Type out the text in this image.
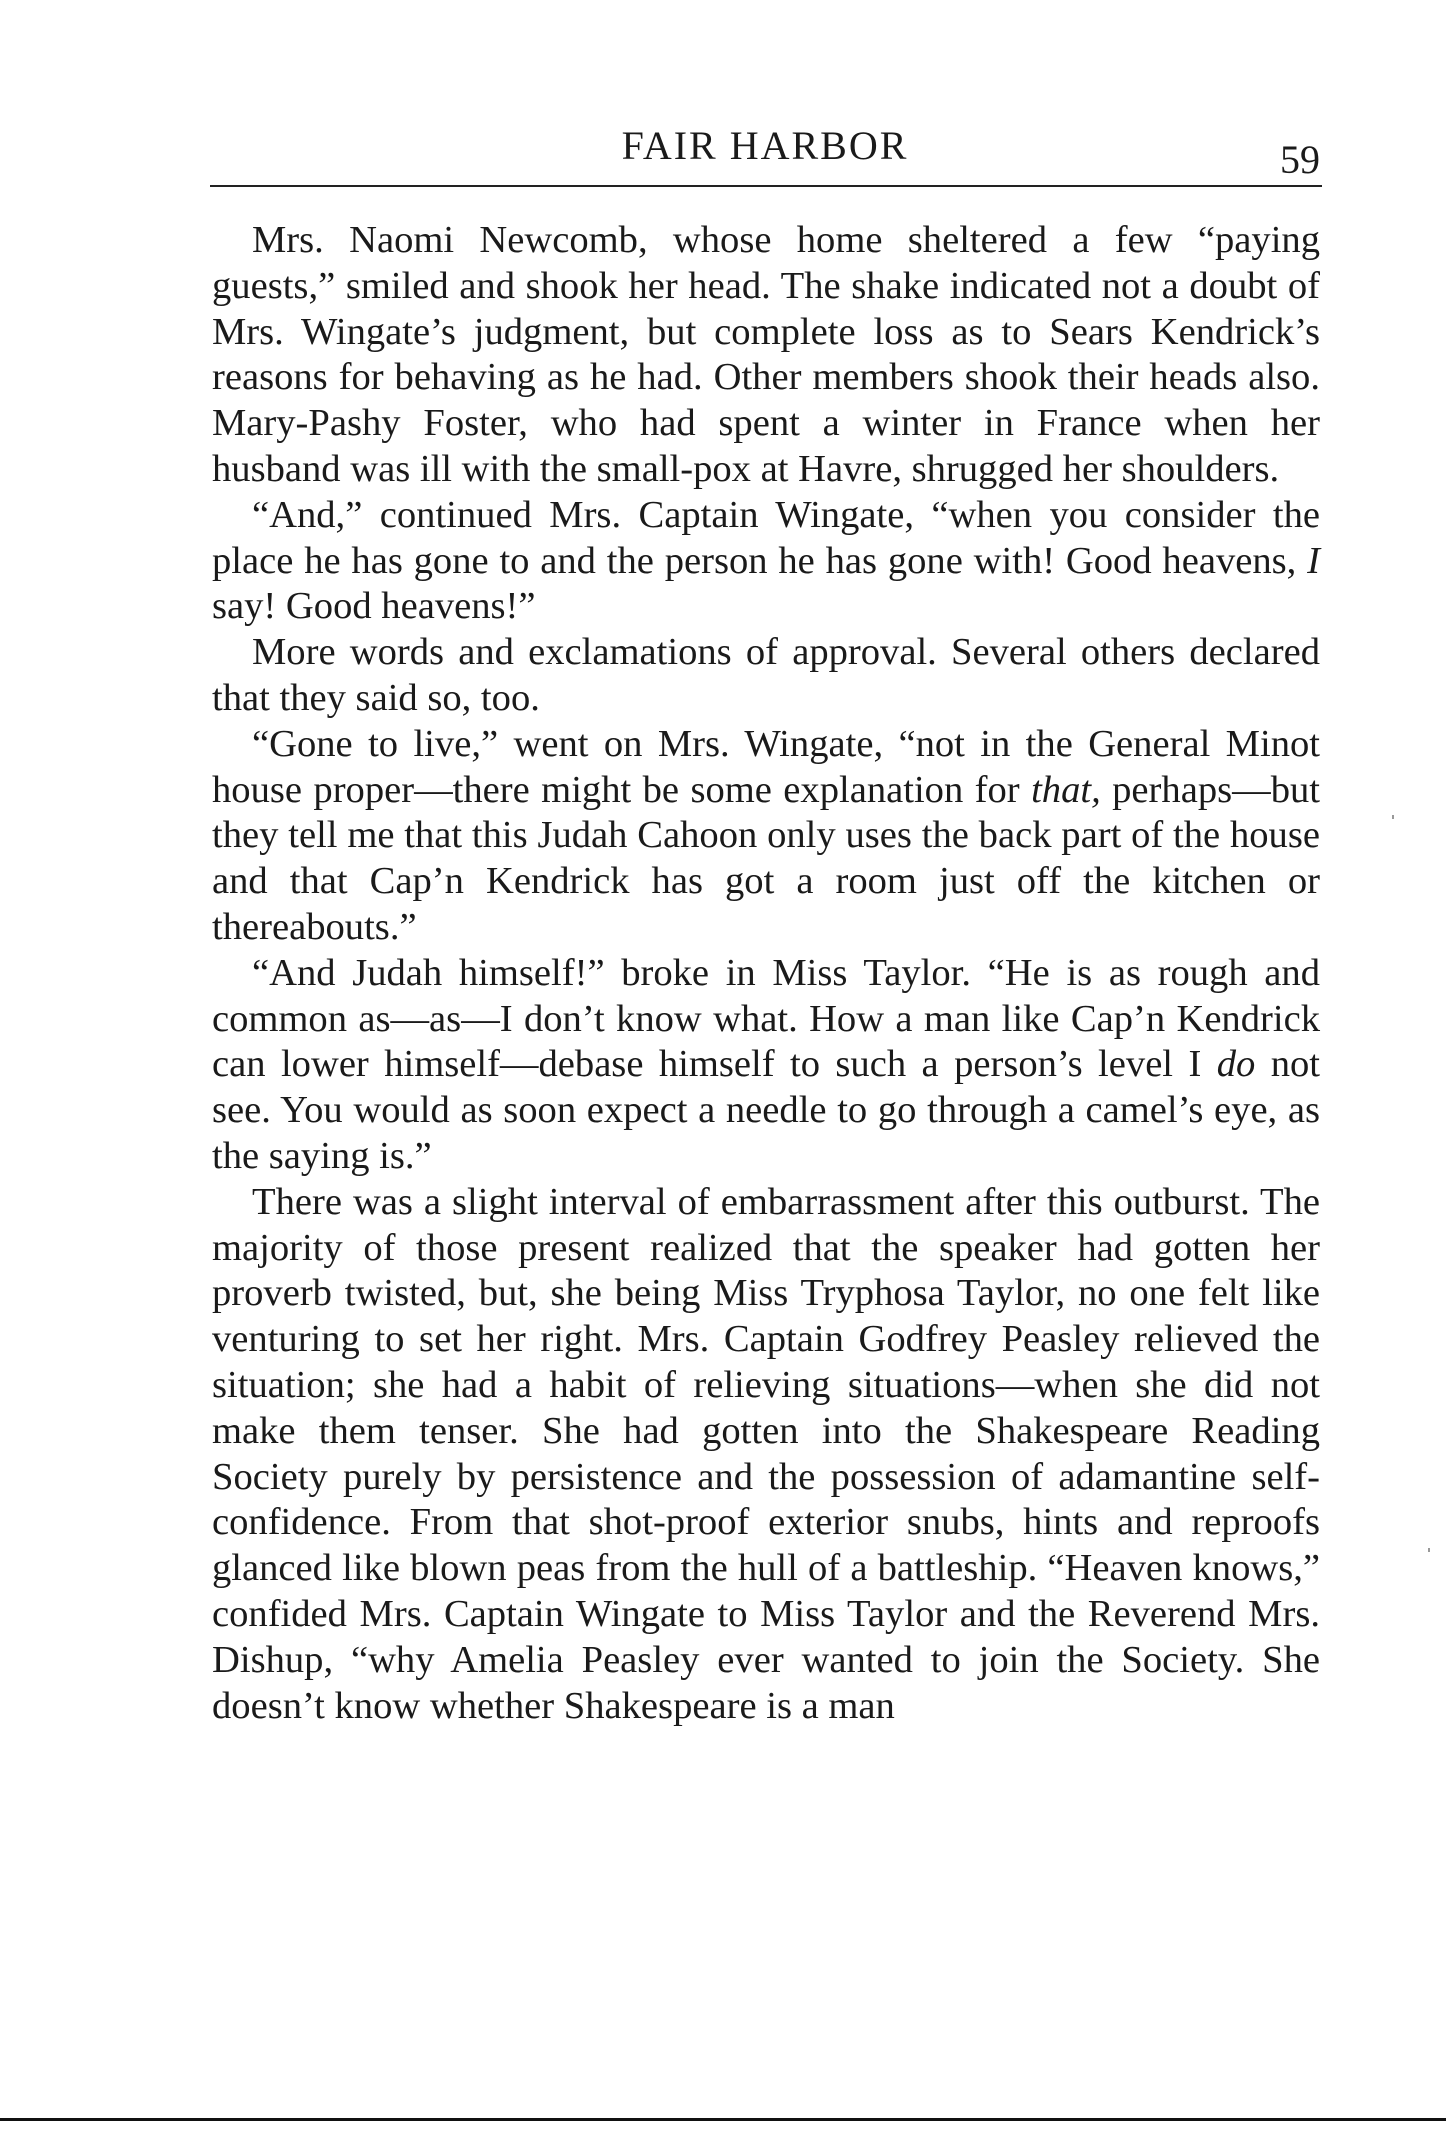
FAIR HARBOR	59

Mrs. Naomi Newcomb, whose home sheltered a few “paying guests,” smiled and shook her head. The shake indicated not a doubt of Mrs. Wingate’s judgment, but complete loss as to Sears Kendrick’s reasons for behaving as he had. Other members shook their heads also. Mary-Pashy Foster, who had spent a winter in France when her husband was ill with the small-pox at Havre, shrugged her shoulders.

“And,” continued Mrs. Captain Wingate, “when you consider the place he has gone to and the person he has gone with! Good heavens, I say! Good heavens!”

More words and exclamations of approval. Several others declared that they said so, too.

“Gone to live,” went on Mrs. Wingate, “not in the General Minot house proper—there might be some explanation for that, perhaps—but they tell me that this Judah Cahoon only uses the back part of the house and that Cap’n Kendrick has got a room just off the kitchen or thereabouts.”

“And Judah himself!” broke in Miss Taylor. “He is as rough and common as—as—I don’t know what. How a man like Cap’n Kendrick can lower himself—debase himself to such a person’s level I do not see. You would as soon expect a needle to go through a camel’s eye, as the saying is.”

There was a slight interval of embarrassment after this outburst. The majority of those present realized that the speaker had gotten her proverb twisted, but, she being Miss Tryphosa Taylor, no one felt like venturing to set her right. Mrs. Captain Godfrey Peasley relieved the situation; she had a habit of relieving situations—when she did not make them tenser. She had gotten into the Shakespeare Reading Society purely by persistence and the possession of adamantine self-confidence. From that shot-proof exterior snubs, hints and reproofs glanced like blown peas from the hull of a battleship. “Heaven knows,” confided Mrs. Captain Wingate to Miss Taylor and the Reverend Mrs. Dishup, “why Amelia Peasley ever wanted to join the Society. She doesn’t know whether Shakespeare is a man
